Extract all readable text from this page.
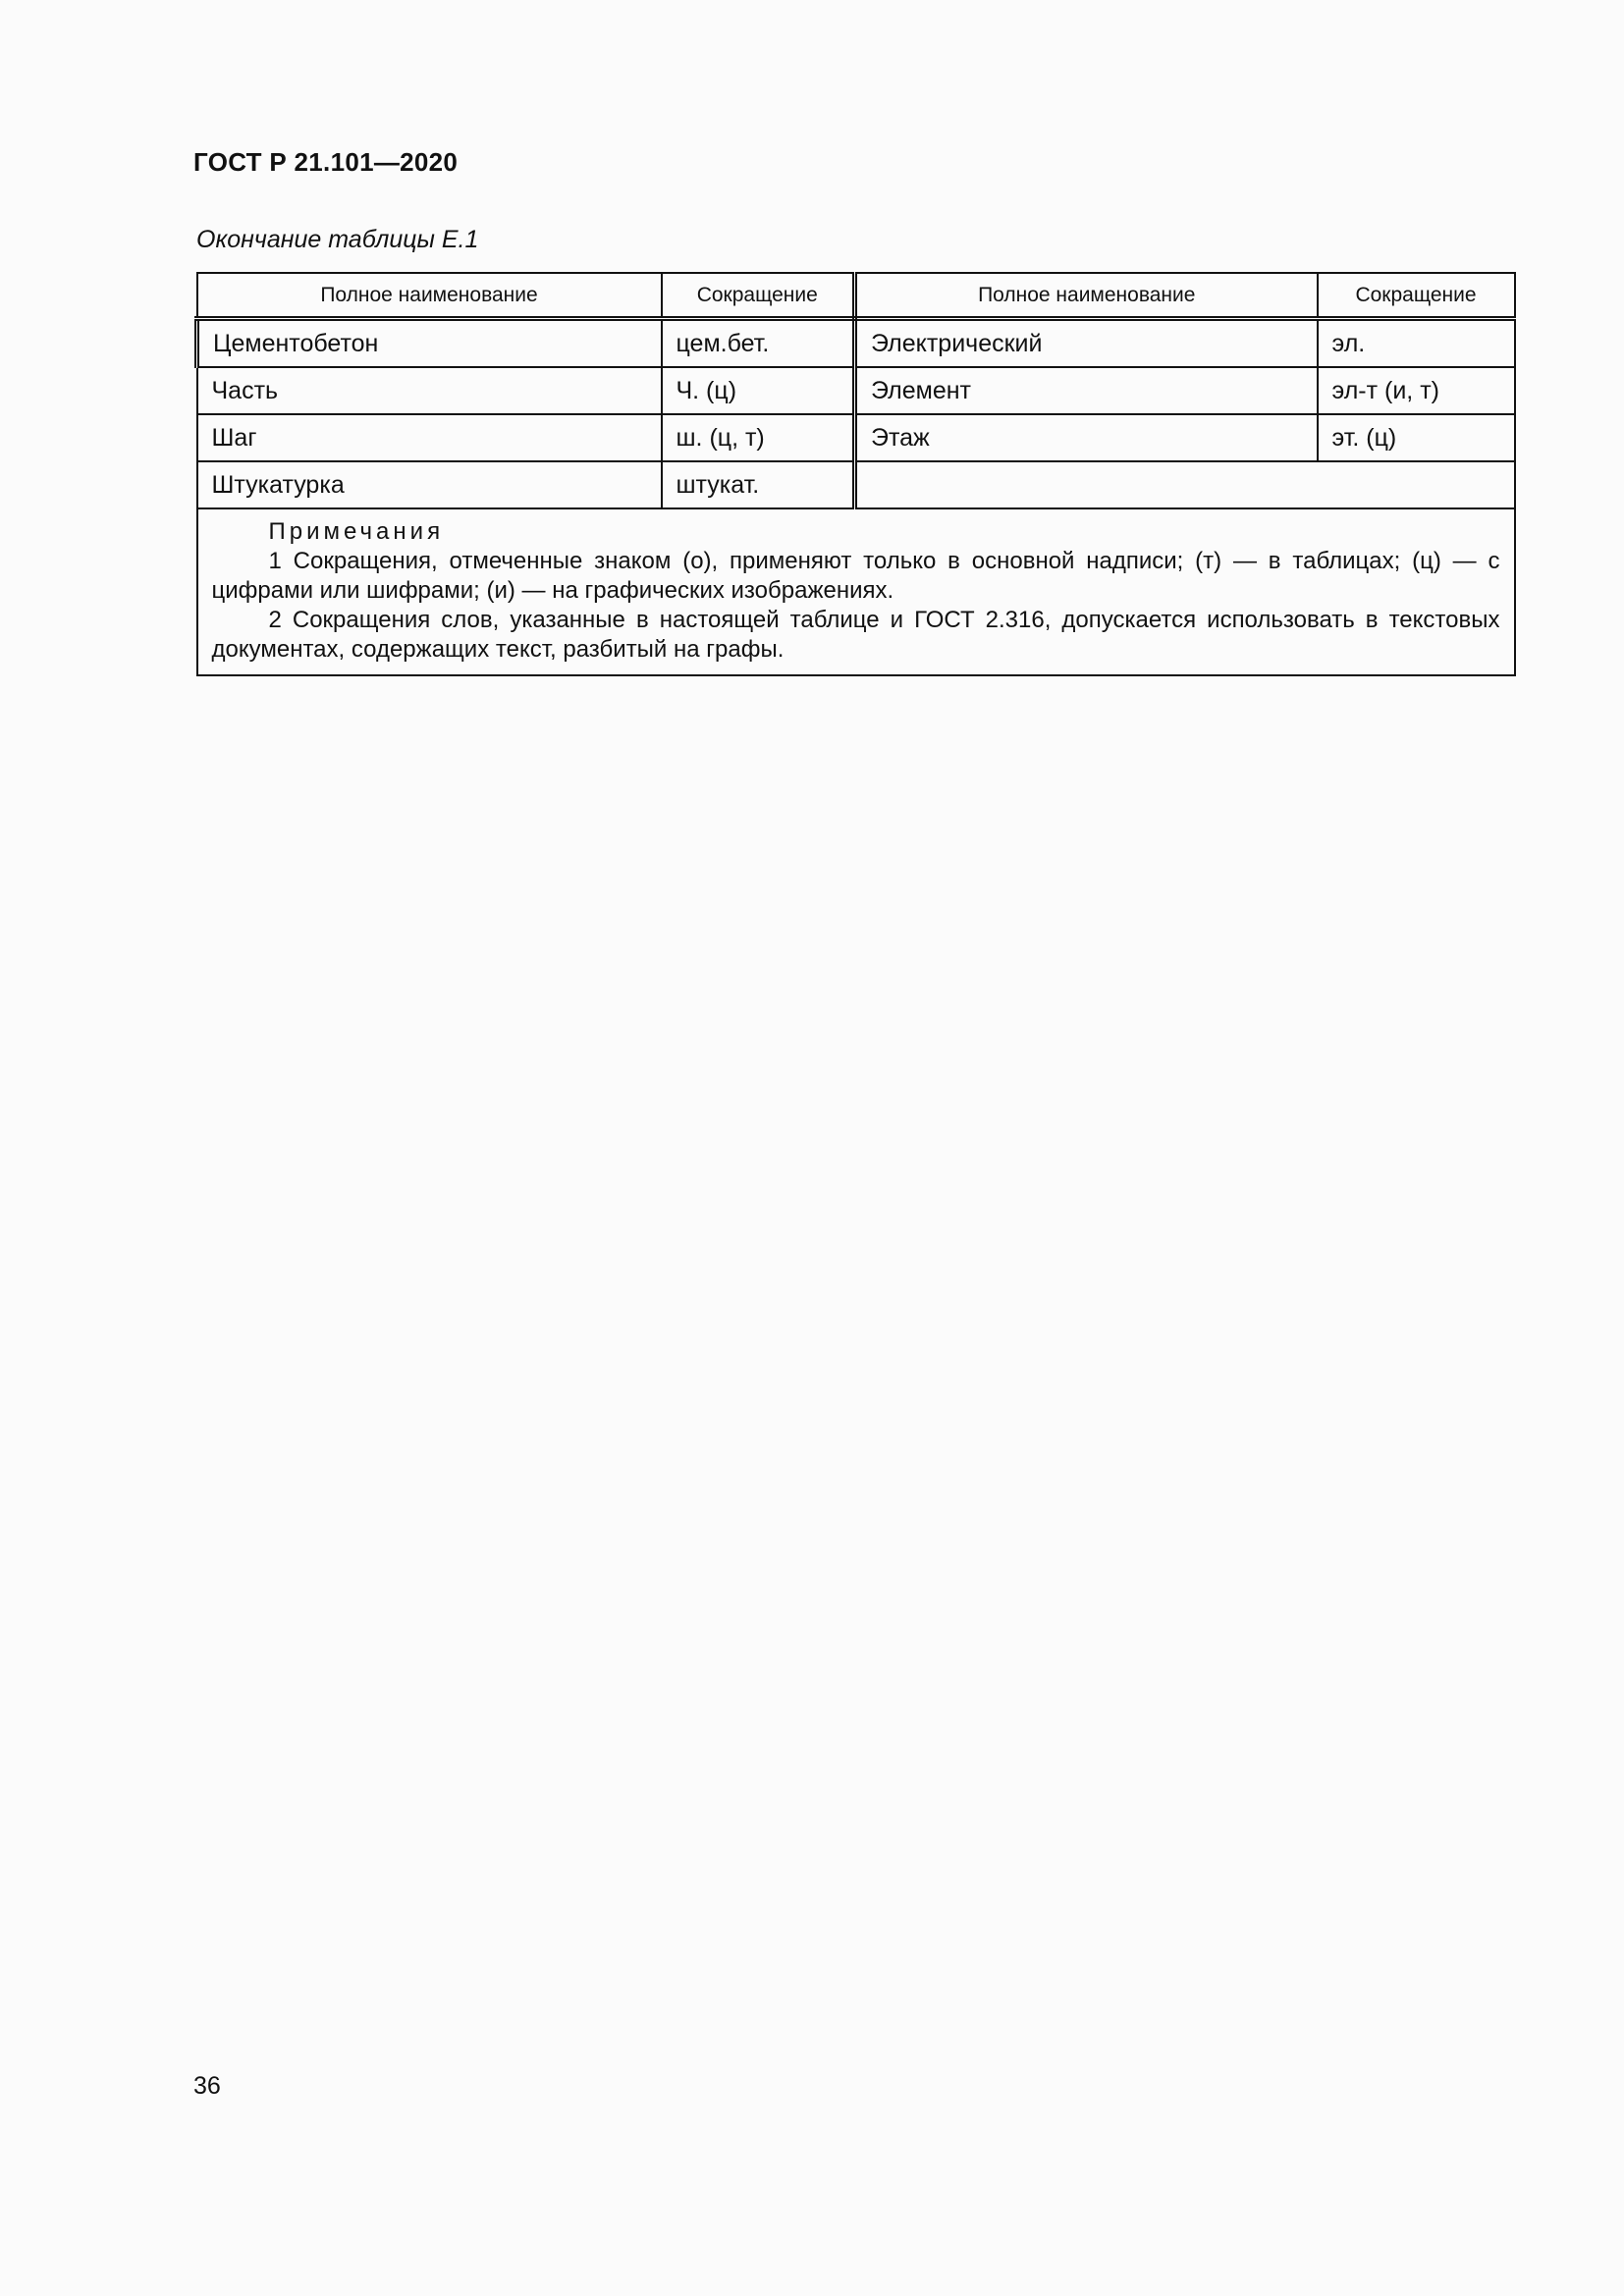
ГОСТ Р 21.101—2020
Окончание таблицы Е.1
Полное наименование	Сокращение	Полное наименование	Сокращение
Цементобетон	цем.бет.	Электрический	эл.
Часть	Ч. (ц)	Элемент	эл-т (и, т)
Шаг	ш. (ц, т)	Этаж	эт. (ц)
Штукатурка	штукат.		

Примечания
1 Сокращения, отмеченные знаком (о), применяют только в основной надписи; (т) — в таблицах; (ц) — с цифрами или шифрами; (и) — на графических изображениях.
2 Сокращения слов, указанные в настоящей таблице и ГОСТ 2.316, допускается использовать в текстовых документах, содержащих текст, разбитый на графы.			
36
